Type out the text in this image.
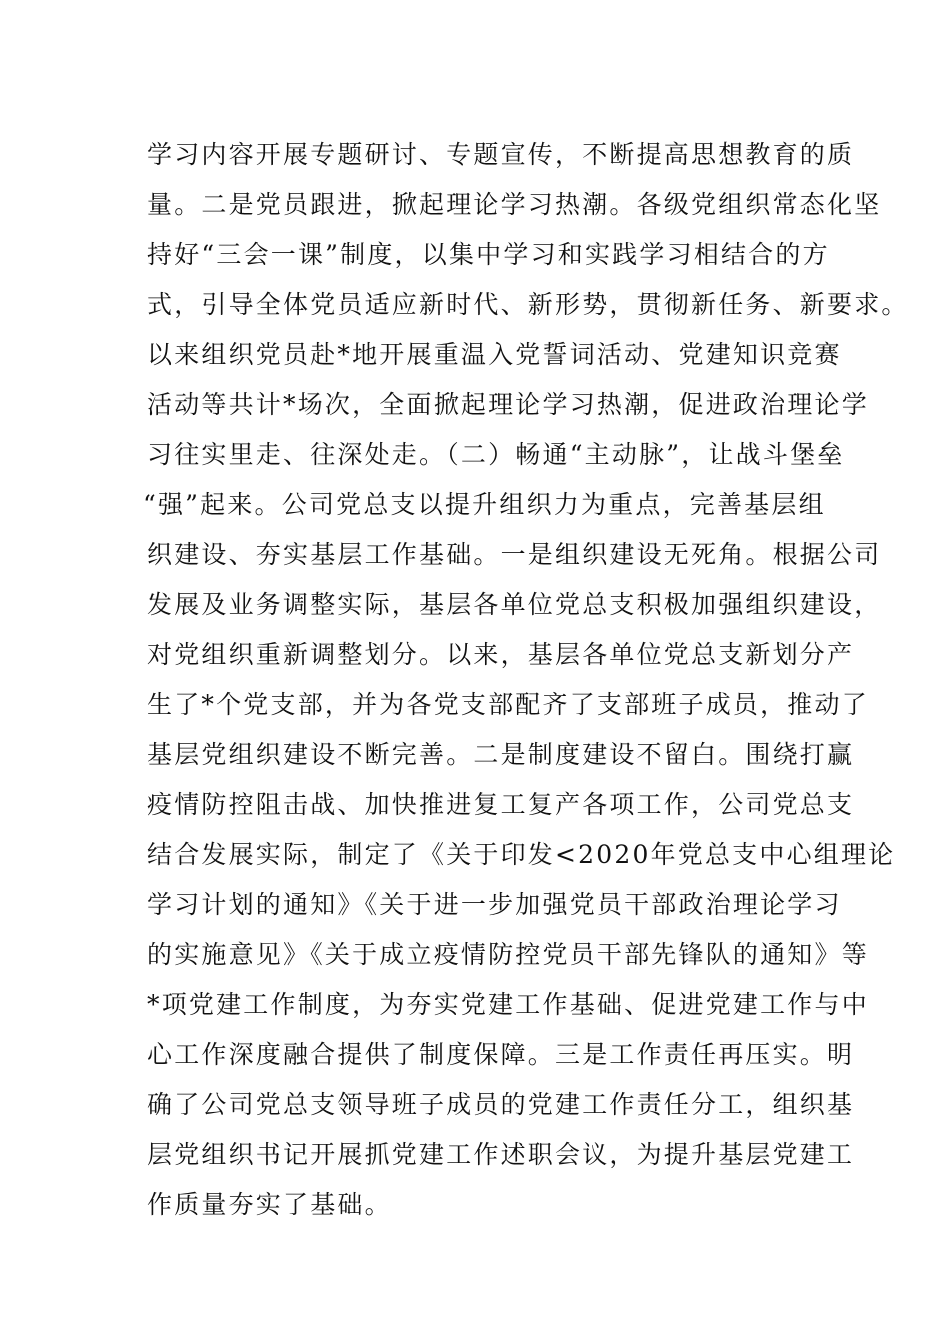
学习内容开展专题研讨、专题宣传，不断提高思想教育的质
量。二是党员跟进，掀起理论学习热潮。各级党组织常态化坚
持好“三会一课”制度，以集中学习和实践学习相结合的方
式，引导全体党员适应新时代、新形势，贯彻新任务、新要求。
以来组织党员赴*地开展重温入党誓词活动、党建知识竞赛
活动等共计*场次，全面掀起理论学习热潮，促进政治理论学
习往实里走、往深处走。（二）畅通“主动脉”，让战斗堡垒
“强”起来。公司党总支以提升组织力为重点，完善基层组
织建设、夯实基层工作基础。一是组织建设无死角。根据公司
发展及业务调整实际，基层各单位党总支积极加强组织建设，
对党组织重新调整划分。以来，基层各单位党总支新划分产
生了*个党支部，并为各党支部配齐了支部班子成员，推动了
基层党组织建设不断完善。二是制度建设不留白。围绕打赢
疫情防控阻击战、加快推进复工复产各项工作，公司党总支
结合发展实际，制定了《关于印发<2020年党总支中心组理论
学习计划的通知》《关于进一步加强党员干部政治理论学习
的实施意见》《关于成立疫情防控党员干部先锋队的通知》等
*项党建工作制度，为夯实党建工作基础、促进党建工作与中
心工作深度融合提供了制度保障。三是工作责任再压实。明
确了公司党总支领导班子成员的党建工作责任分工，组织基
层党组织书记开展抓党建工作述职会议，为提升基层党建工
作质量夯实了基础。
